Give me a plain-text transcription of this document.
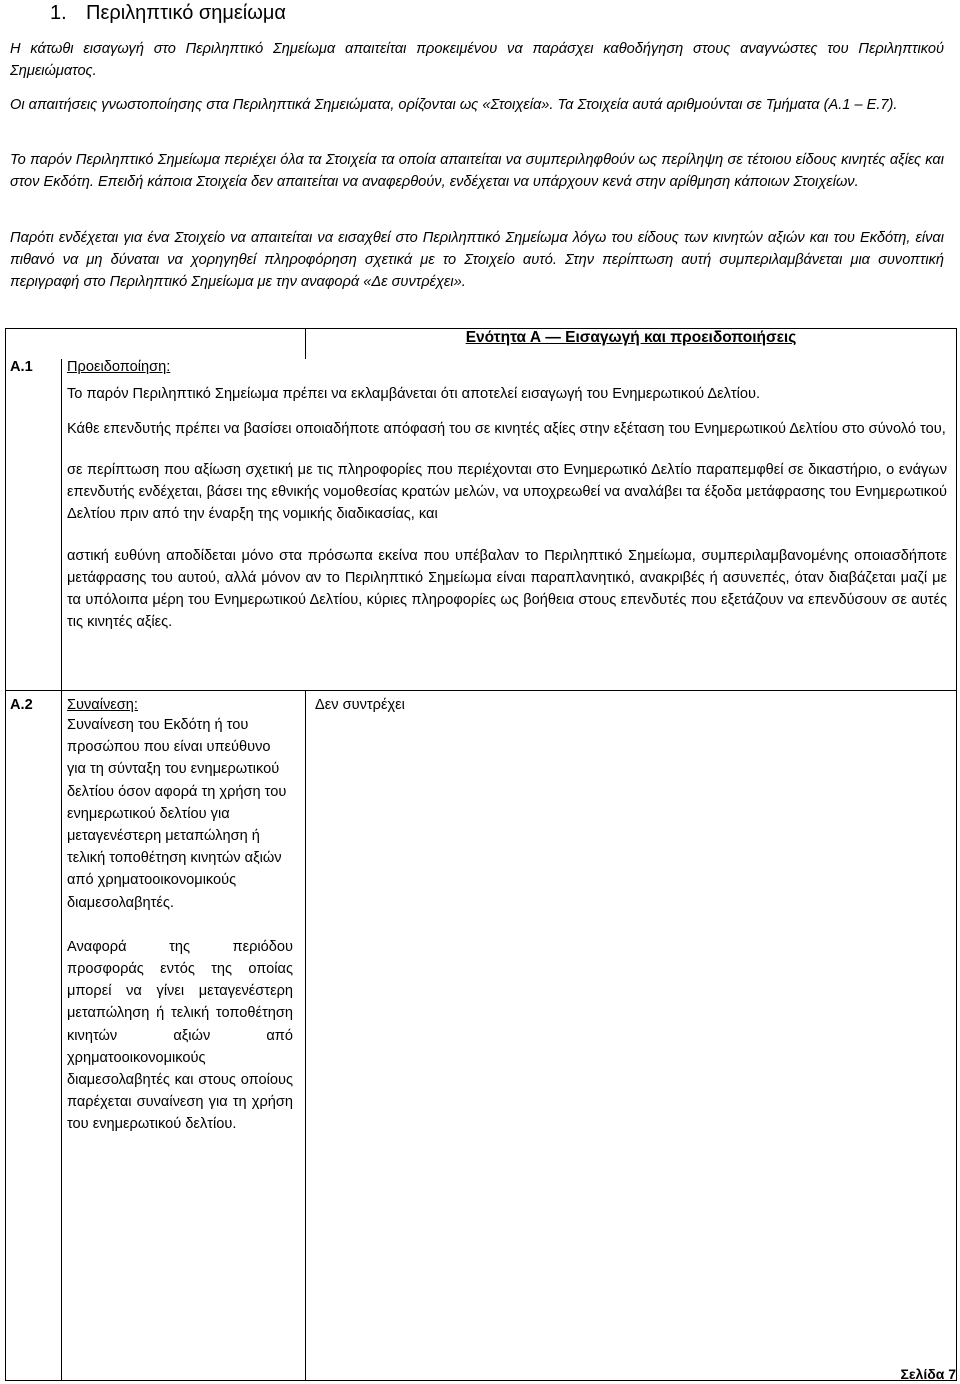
1. Περιληπτικό σημείωμα

Η κάτωθι εισαγωγή στο Περιληπτικό Σημείωμα απαιτείται προκειμένου να παράσχει καθοδήγηση στους αναγνώστες του Περιληπτικού Σημειώματος.

Οι απαιτήσεις γνωστοποίησης στα Περιληπτικά Σημειώματα, ορίζονται ως «Στοιχεία». Τα Στοιχεία αυτά αριθμούνται σε Τμήματα (Α.1 – Ε.7).

Το παρόν Περιληπτικό Σημείωμα περιέχει όλα τα Στοιχεία τα οποία απαιτείται να συμπεριληφθούν ως περίληψη σε τέτοιου είδους κινητές αξίες και στον Εκδότη. Επειδή κάποια Στοιχεία δεν απαιτείται να αναφερθούν, ενδέχεται να υπάρχουν κενά στην αρίθμηση κάποιων Στοιχείων.

Παρότι ενδέχεται για ένα Στοιχείο να απαιτείται να εισαχθεί στο Περιληπτικό Σημείωμα λόγω του είδους των κινητών αξιών και του Εκδότη, είναι πιθανό να μη δύναται να χορηγηθεί πληροφόρηση σχετικά με το Στοιχείο αυτό. Στην περίπτωση αυτή συμπεριλαμβάνεται μια συνοπτική περιγραφή στο Περιληπτικό Σημείωμα με την αναφορά «Δε συντρέχει».

		Ενότητα Α — Εισαγωγή και προειδοποιήσεις
Α.1	Προειδοποίηση:

Το παρόν Περιληπτικό Σημείωμα πρέπει να εκλαμβάνεται ότι αποτελεί εισαγωγή του Ενημερωτικού Δελτίου.

Κάθε επενδυτής πρέπει να βασίσει οποιαδήποτε απόφασή του σε κινητές αξίες στην εξέταση του Ενημερωτικού Δελτίου στο σύνολό του,

σε περίπτωση που αξίωση σχετική με τις πληροφορίες που περιέχονται στο Ενημερωτικό Δελτίο παραπεμφθεί σε δικαστήριο, ο ενάγων επενδυτής ενδέχεται, βάσει της εθνικής νομοθεσίας κρατών μελών, να υποχρεωθεί να αναλάβει τα έξοδα μετάφρασης του Ενημερωτικού Δελτίου πριν από την έναρξη της νομικής διαδικασίας, και

αστική ευθύνη αποδίδεται μόνο στα πρόσωπα εκείνα που υπέβαλαν το Περιληπτικό Σημείωμα, συμπεριλαμβανομένης οποιασδήποτε μετάφρασης του αυτού, αλλά μόνον αν το Περιληπτικό Σημείωμα είναι παραπλανητικό, ανακριβές ή ασυνεπές, όταν διαβάζεται μαζί με τα υπόλοιπα μέρη του Ενημερωτικού Δελτίου, κύριες πληροφορίες ως βοήθεια στους επενδυτές που εξετάζουν να επενδύσουν σε αυτές τις κινητές αξίες.	

Α.2	Συναίνεση:

Συναίνεση του Εκδότη ή του προσώπου που είναι υπεύθυνο για τη σύνταξη του ενημερωτικού δελτίου όσον αφορά τη χρήση του ενημερωτικού δελτίου για μεταγενέστερη μεταπώληση ή τελική τοποθέτηση κινητών αξιών από χρηματοοικονομικούς διαμεσολαβητές.

Αναφορά της περιόδου προσφοράς εντός της οποίας μπορεί να γίνει μεταγενέστερη μεταπώληση ή τελική τοποθέτηση κινητών αξιών από χρηματοοικονομικούς διαμεσολαβητές και στους οποίους παρέχεται συναίνεση για τη χρήση του ενημερωτικού δελτίου.	Δεν συντρέχει
Σελίδα 7
